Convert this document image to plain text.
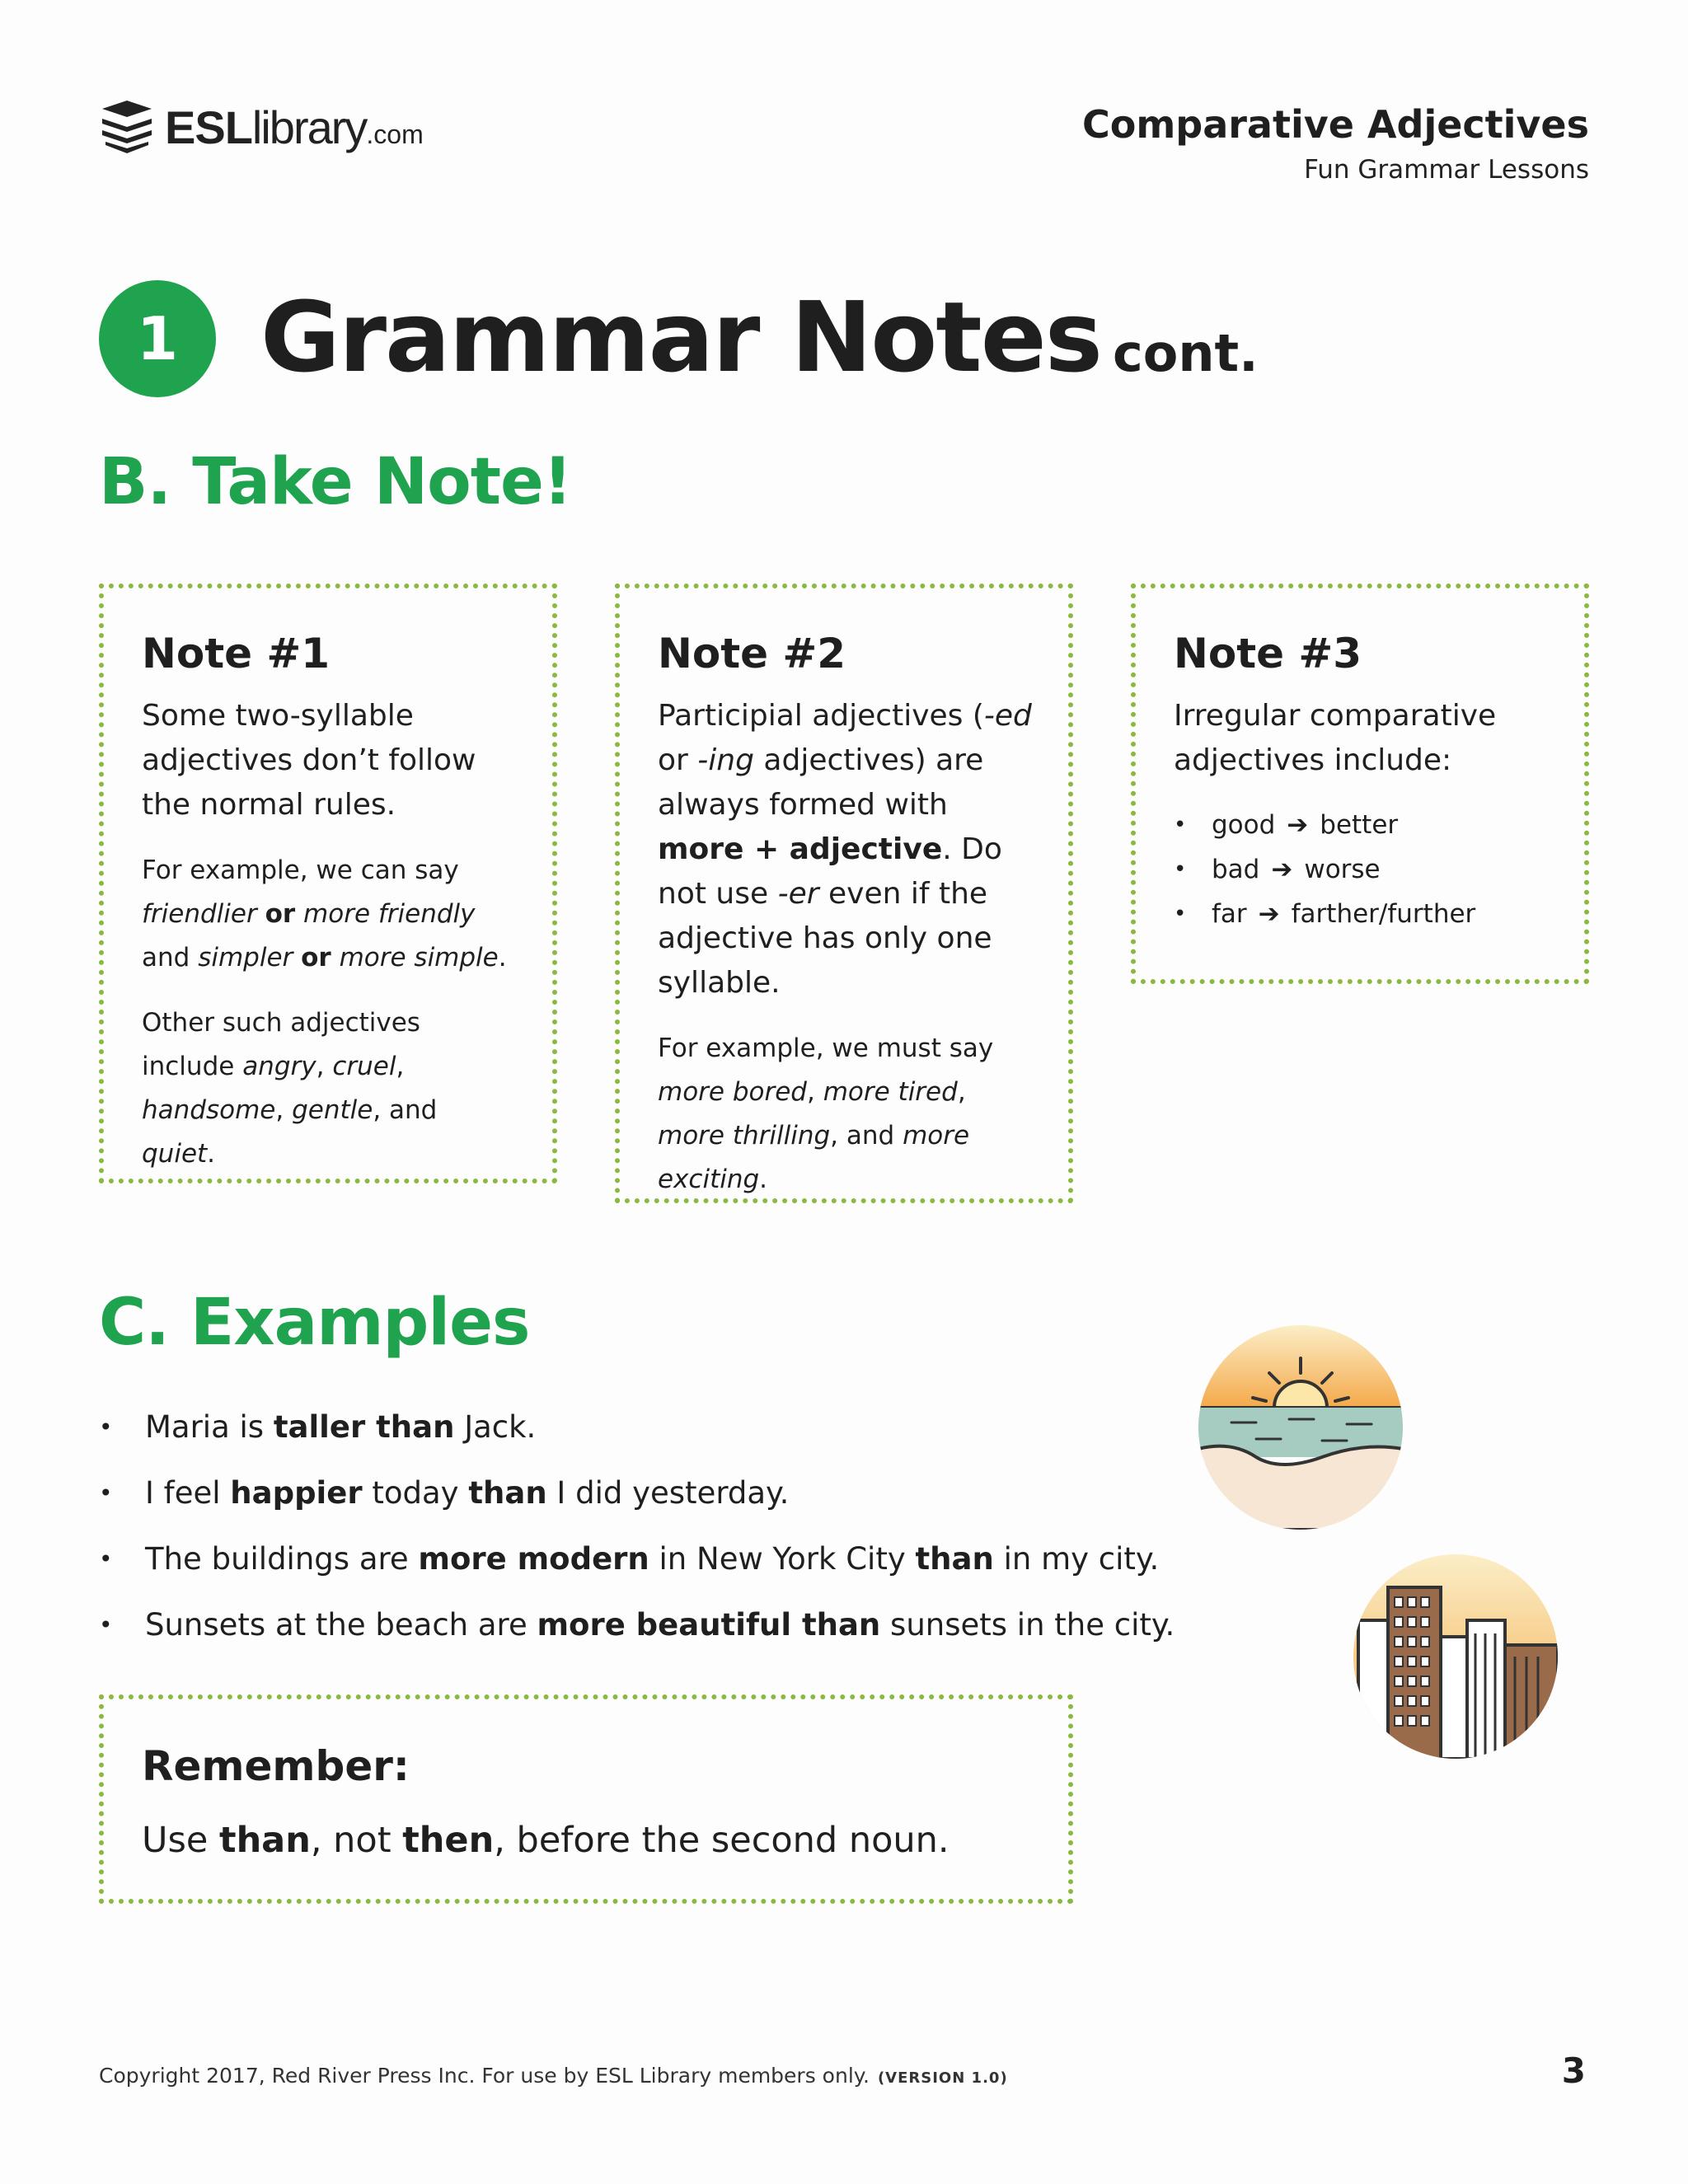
ESLlibrary.com	Comparative Adjectives
Fun Grammar Lessons
1 Grammar Notes cont.
B. Take Note!
Note #1

Some two-syllable adjectives don’t follow the normal rules.

For example, we can say friendlier or more friendly and simpler or more simple.

Other such adjectives include angry, cruel, handsome, gentle, and quiet.

Note #2

Participial adjectives (-ed or -ing adjectives) are always formed with more + adjective. Do not use -er even if the adjective has only one syllable.

For example, we must say more bored, more tired, more thrilling, and more exciting.

Note #3

Irregular comparative adjectives include:

• good ➔ better
• bad ➔ worse
• far ➔ farther/further
C. Examples
•	Maria is taller than Jack.
•	I feel happier today than I did yesterday.
•	The buildings are more modern in New York City than in my city.
•	Sunsets at the beach are more beautiful than sunsets in the city.
Remember:

Use than, not then, before the second noun.

Copyright 2017, Red River Press Inc. For use by ESL Library members only. (VERSION 1.0)	3
